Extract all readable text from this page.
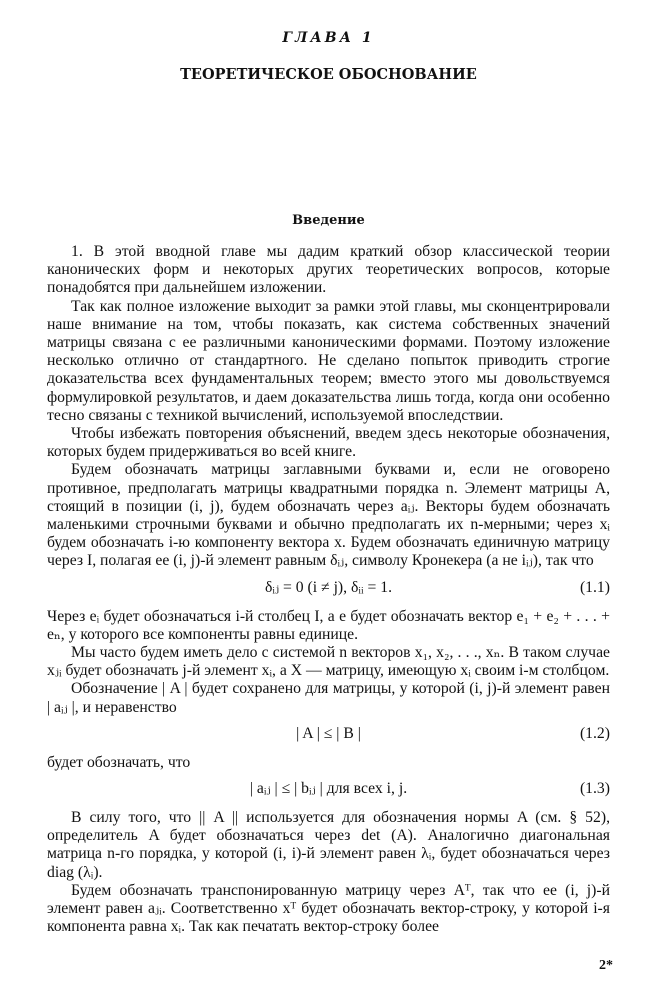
ГЛАВА 1
ТЕОРЕТИЧЕСКОЕ ОБОСНОВАНИЕ
Введение

1. В этой вводной главе мы дадим краткий обзор классической теории канонических форм и некоторых других теоретических вопросов, которые понадобятся при дальнейшем изложении.

Так как полное изложение выходит за рамки этой главы, мы сконцентрировали наше внимание на том, чтобы показать, как система собственных значений матрицы связана с ее различными каноническими формами. Поэтому изложение несколько отлично от стандартного. Не сделано попыток приводить строгие доказательства всех фундаментальных теорем; вместо этого мы довольствуемся формулировкой результатов, и даем доказательства лишь тогда, когда они особенно тесно связаны с техникой вычислений, используемой впоследствии.

Чтобы избежать повторения объяснений, введем здесь некоторые обозначения, которых будем придерживаться во всей книге.

Будем обозначать матрицы заглавными буквами и, если не оговорено противное, предполагать матрицы квадратными порядка n. Элемент матрицы A, стоящий в позиции (i, j), будем обозначать через aᵢⱼ. Векторы будем обозначать маленькими строчными буквами и обычно предполагать их n-мерными; через xᵢ будем обозначать i-ю компоненту вектора x. Будем обозначать единичную матрицу через I, полагая ее (i, j)-й элемент равным δᵢⱼ, символу Кронекера (а не iᵢⱼ), так что

δᵢⱼ = 0 (i ≠ j), δᵢᵢ = 1.	(1.1)

Через eᵢ будет обозначаться i-й столбец I, а e будет обозначать вектор e₁ + e₂ + . . . + eₙ, у которого все компоненты равны единице.

Мы часто будем иметь дело с системой n векторов x₁, x₂, . . ., xₙ. В таком случае xⱼᵢ будет обозначать j-й элемент xᵢ, а X — матрицу, имеющую xᵢ своим i-м столбцом.

Обозначение | A | будет сохранено для матрицы, у которой (i, j)-й элемент равен | aᵢⱼ |, и неравенство

| A | ≤ | B |	(1.2)

будет обозначать, что

| aᵢⱼ | ≤ | bᵢⱼ | для всех i, j.	(1.3)

В силу того, что || A || используется для обозначения нормы A (см. § 52), определитель A будет обозначаться через det (A). Аналогично диагональная матрица n-го порядка, у которой (i, i)-й элемент равен λᵢ, будет обозначаться через diag (λᵢ).

Будем обозначать транспонированную матрицу через Aᵀ, так что ее (i, j)-й элемент равен aⱼᵢ. Соответственно xᵀ будет обозначать вектор-строку, у которой i-я компонента равна xᵢ. Так как печатать вектор-строку более

2*
